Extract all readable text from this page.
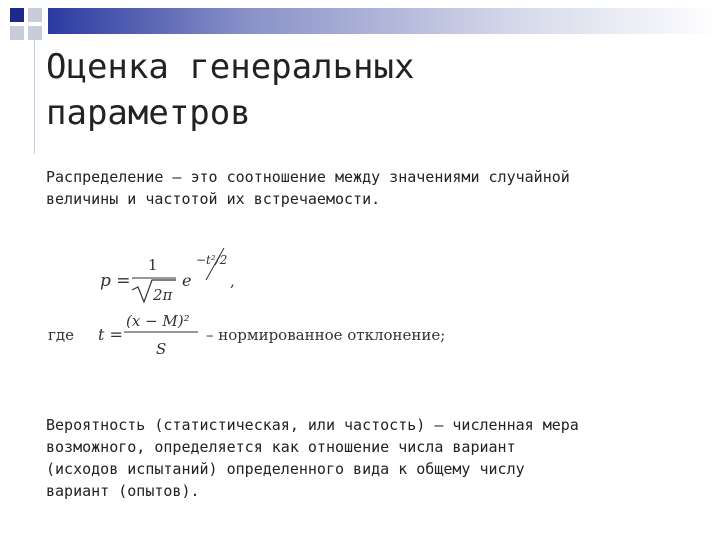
Оценка генеральных
параметров
Распределение – это соотношение между значениями случайной
величины и частотой их встречаемости.
p =
1
2π
e
−t²/2
,
где t =
(x − M)²
S
– нормированное отклонение;
Вероятность (статистическая, или частость) – численная мера
возможного, определяется как отношение числа вариант
(исходов испытаний) определенного вида к общему числу
вариант (опытов).
